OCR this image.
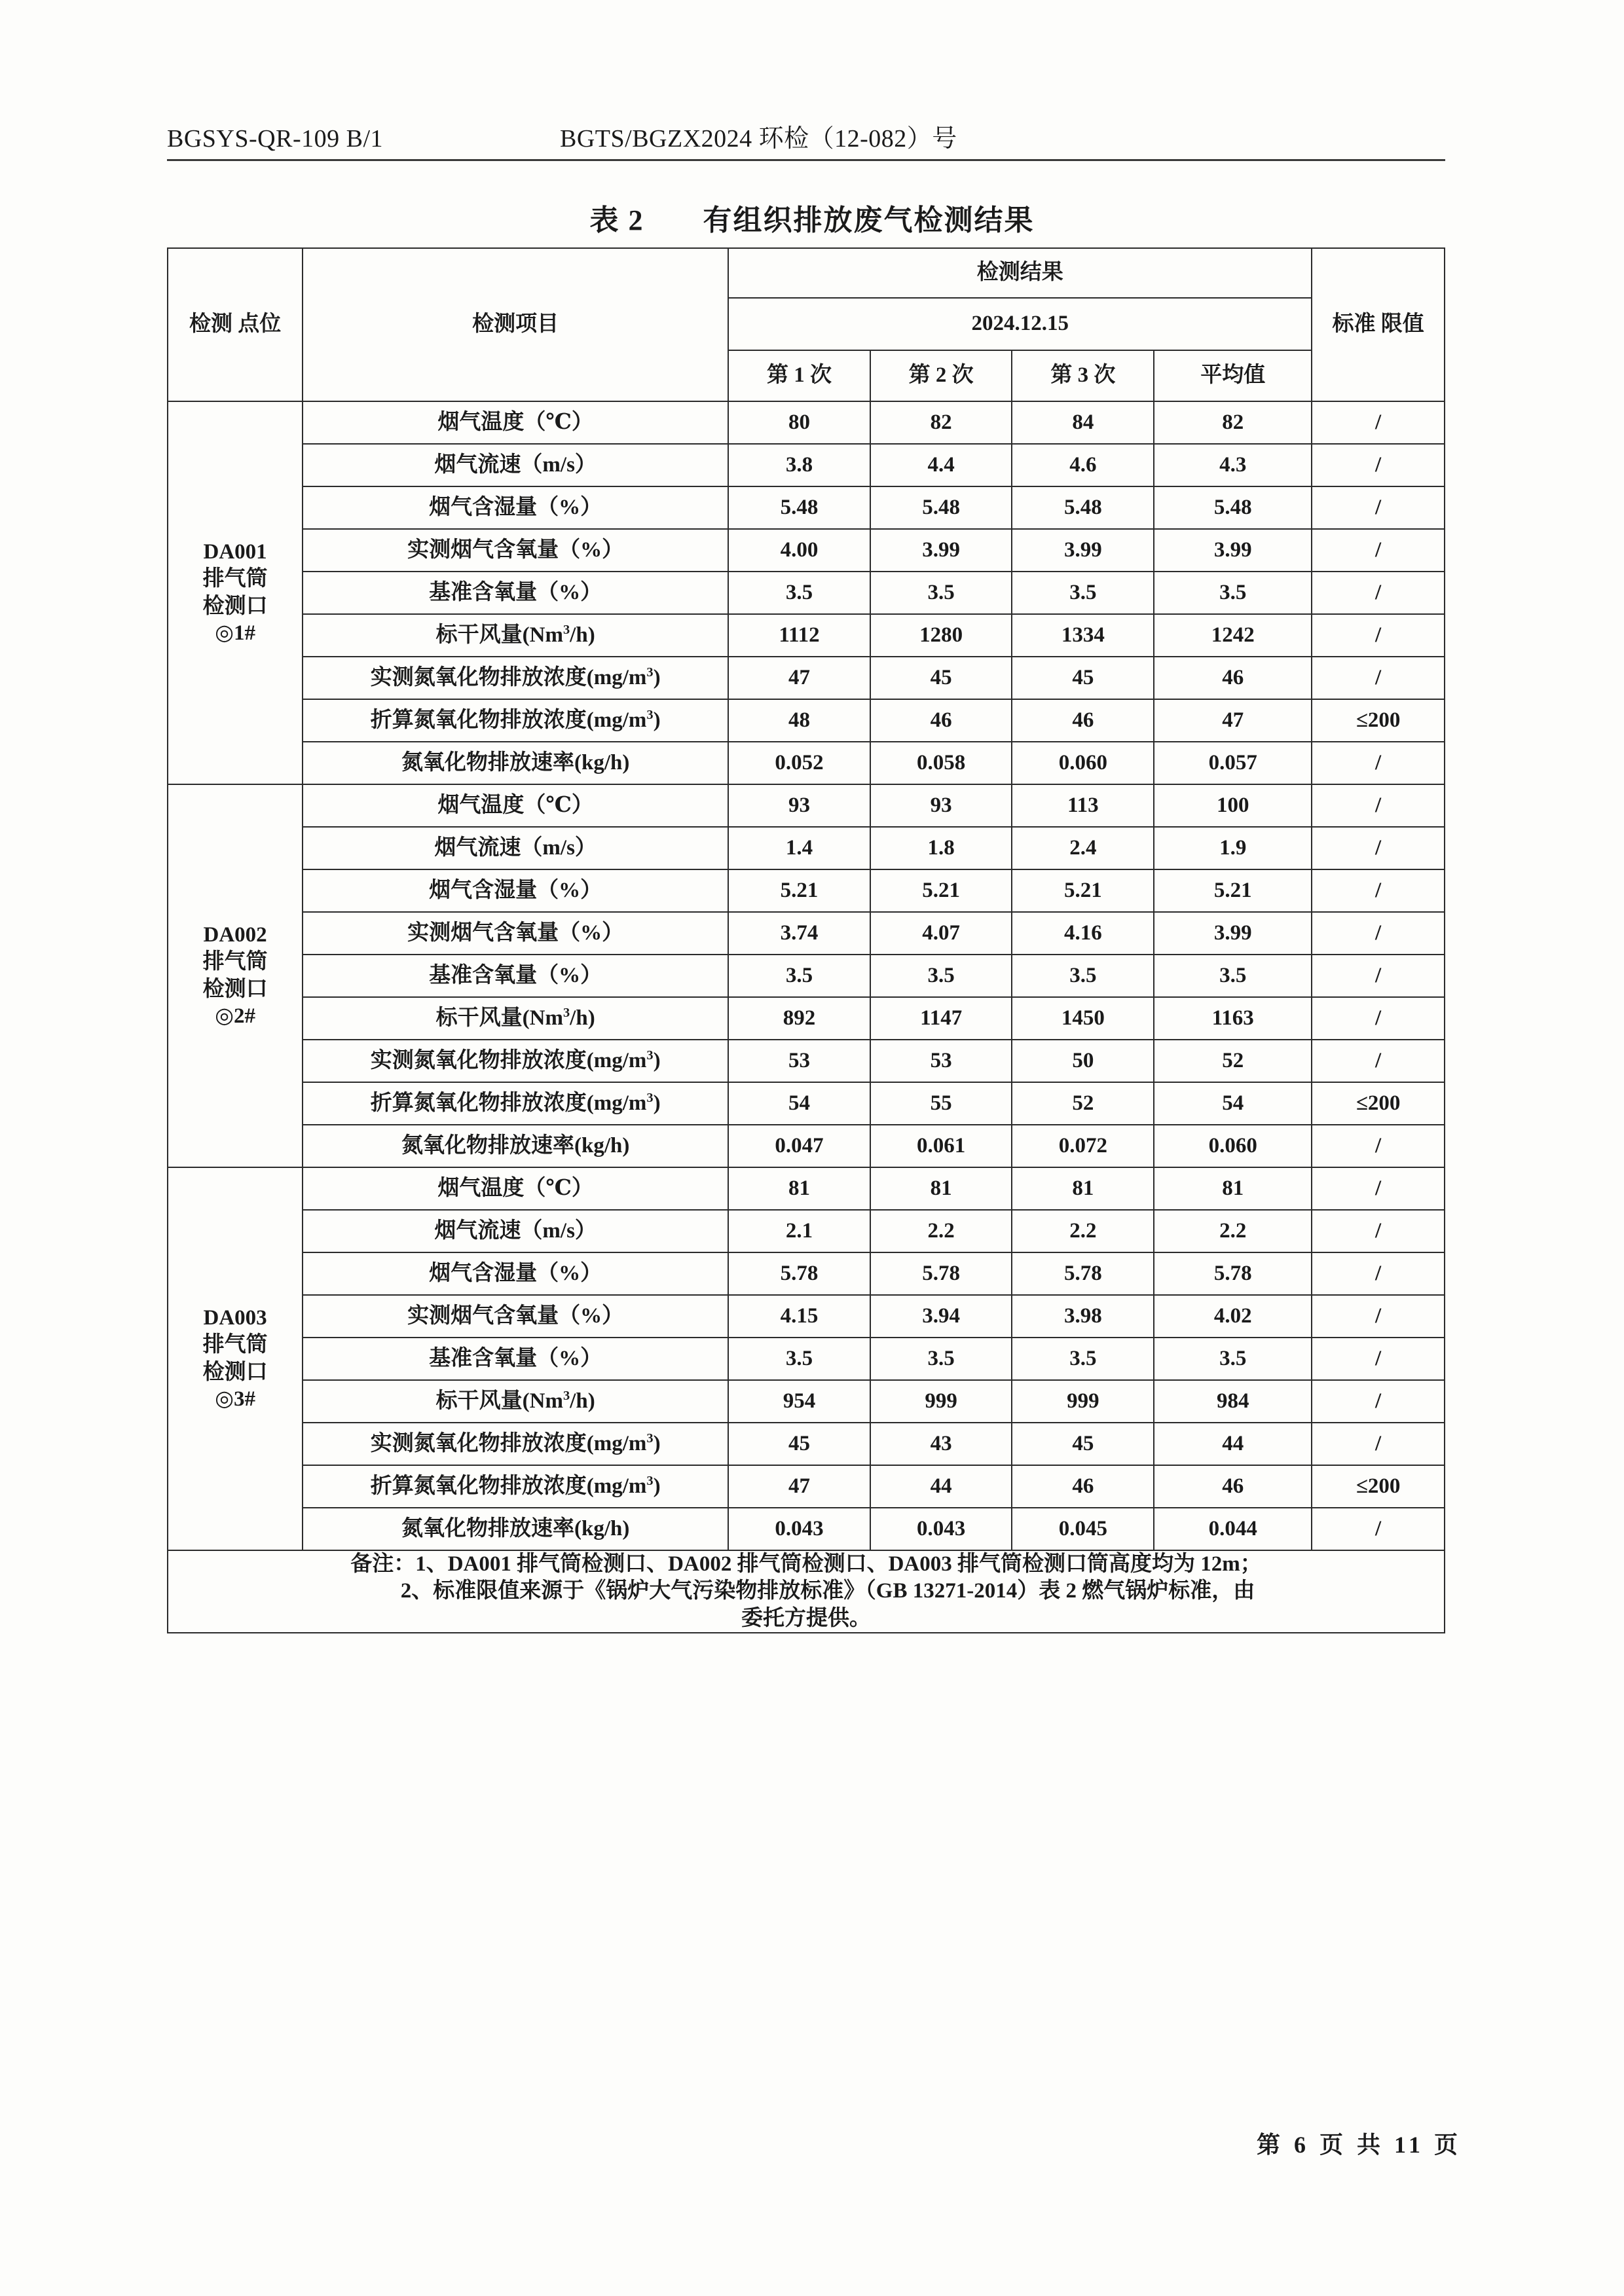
BGSYS-QR-109 B/1	BGTS/BGZX2024 环检（12-082）号
表 2 有组织排放废气检测结果
检测 点位	检测项目	检测结果				标准 限值
		2024.12.15				
		第 1 次	第 2 次	第 3 次	平均值	

DA001
排气筒
检测口
◎1#	烟气温度（℃）	80	82	84	82	/
	烟气流速（m/s）	3.8	4.4	4.6	4.3	/
	烟气含湿量（%）	5.48	5.48	5.48	5.48	/
	实测烟气含氧量（%）	4.00	3.99	3.99	3.99	/
	基准含氧量（%）	3.5	3.5	3.5	3.5	/
	标干风量(Nm$^3$/h)	1112	1280	1334	1242	/
	实测氮氧化物排放浓度$(mg/m^3)$	47	45	45	46	/
	折算氮氧化物排放浓度$(mg/m^3)$	48	46	46	47	≤200
	氮氧化物排放速率(kg/h)	0.052	0.058	0.060	0.057	/

DA002
排气筒
检测口
◎2#	烟气温度（℃）	93	93	113	100	/
	烟气流速（m/s）	1.4	1.8	2.4	1.9	/
	烟气含湿量（%）	5.21	5.21	5.21	5.21	/
	实测烟气含氧量（%）	3.74	4.07	4.16	3.99	/
	基准含氧量（%）	3.5	3.5	3.5	3.5	/
	标干风量(Nm$^3$/h)	892	1147	1450	1163	/
	实测氮氧化物排放浓度$(mg/m^3)$	53	53	50	52	/
	折算氮氧化物排放浓度$(mg/m^3)$	54	55	52	54	≤200
	氮氧化物排放速率(kg/h)	0.047	0.061	0.072	0.060	/

DA003
排气筒
检测口
◎3#	烟气温度（℃）	81	81	81	81	/
	烟气流速（m/s）	2.1	2.2	2.2	2.2	/
	烟气含湿量（%）	5.78	5.78	5.78	5.78	/
	实测烟气含氧量（%）	4.15	3.94	3.98	4.02	/
	基准含氧量（%）	3.5	3.5	3.5	3.5	/
	标干风量(Nm$^3$/h)	954	999	999	984	/
	实测氮氧化物排放浓度$(mg/m^3)$	45	43	45	44	/
	折算氮氧化物排放浓度$(mg/m^3)$	47	44	46	46	≤200
	氮氧化物排放速率(kg/h)	0.043	0.043	0.045	0.044	/

备注：1、DA001 排气筒检测口、DA002 排气筒检测口、DA003 排气筒检测口筒高度均为 12m；
2、标准限值来源于《锅炉大气污染物排放标准》（GB 13271-2014）表 2 燃气锅炉标准，由
委托方提供。						
第 6 页 共 11 页
